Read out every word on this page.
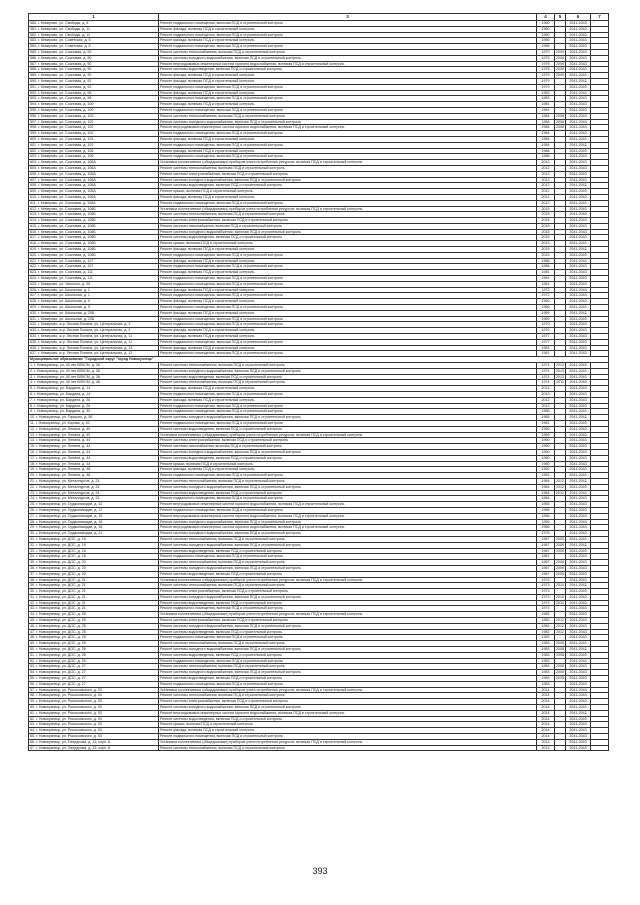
1		3	4	5	6	7
580. г. Кемерово, ул. Свободы, д. 8	Ремонт подвального помещения, включая ПСД и строительный контроль	1960		2041-2043	
581. г. Кемерово, ул. Свободы, д. 11	Ремонт фасада, включая ПСД и строительный контроль	1960		2041-2043	
582. г. Кемерово, ул. Свободы, д. 11	Ремонт подвального помещения, включая ПСД и строительный контроль	1960		2041-2043	
583. г. Кемерово, ул. Советская, д. 5	Ремонт фасада, включая ПСД и строительный контроль	1956		2041-2043	
584. г. Кемерово, ул. Советская, д. 5	Ремонт подвального помещения, включая ПСД и строительный контроль	1956		2041-2043	
585. г. Кемерово, ул. Сосновая, д. 90	Ремонт системы теплоснабжения, включая ПСД и строительный контроль	1979	2009	2041-2043	
586. г. Кемерово, ул. Сосновая, д. 90	Ремонт системы холодного водоснабжения, включая ПСД и строительный контроль	1979	2009	2041-2043	
587. г. Кемерово, ул. Сосновая, д. 90	Ремонт внутридомовых инженерных систем горячего водоснабжения, включая ПСД и строительный контроль	1979	2009	2041-2043	
588. г. Кемерово, ул. Сосновая, д. 90	Ремонт системы водоотведения, включая ПСД и строительный контроль	1979	2009	2041-2043	
589. г. Кемерово, ул. Сосновая, д. 90	Ремонт фасада, включая ПСД и строительный контроль	1979	2009	2041-2043	
590. г. Кемерово, ул. Сосновая, д. 92	Ремонт фасада, включая ПСД и строительный контроль	1979		2041-2043	
591. г. Кемерово, ул. Сосновая, д. 92	Ремонт подвального помещения, включая ПСД и строительный контроль	1979		2041-2043	
592. г. Кемерово, ул. Сосновая, д. 98	Ремонт фасада, включая ПСД и строительный контроль	1983		2041-2043	
593. г. Кемерово, ул. Сосновая, д. 98	Ремонт подвального помещения, включая ПСД и строительный контроль	1983		2041-2043	
594. г. Кемерово, ул. Сосновая, д. 100	Ремонт фасада, включая ПСД и строительный контроль	1981		2041-2043	
595. г. Кемерово, ул. Сосновая, д. 100	Ремонт подвального помещения, включая ПСД и строительный контроль	1981		2041-2043	
596. г. Кемерово, ул. Сосновая, д. 102	Ремонт системы теплоснабжения, включая ПСД и строительный контроль	1984	2008	2041-2043	
597. г. Кемерово, ул. Сосновая, д. 102	Ремонт системы холодного водоснабжения, включая ПСД и строительный контроль	1984	2008	2041-2043	
598. г. Кемерово, ул. Сосновая, д. 102	Ремонт внутридомовых инженерных систем горячего водоснабжения, включая ПСД и строительный контроль	1984	2008	2041-2043	
599. г. Кемерово, ул. Сосновая, д. 102	Ремонт подвального помещения, включая ПСД и строительный контроль	1984		2041-2043	
600. г. Кемерово, ул. Сосновая, д. 103	Ремонт фасада, включая ПСД и строительный контроль	1984		2041-2043	
601. г. Кемерово, ул. Сосновая, д. 103	Ремонт подвального помещения, включая ПСД и строительный контроль	1984		2041-2043	
602. г. Кемерово, ул. Сосновая, д. 106	Ремонт фасада, включая ПСД и строительный контроль	1986		2041-2043	
603. г. Кемерово, ул. Сосновая, д. 106	Ремонт подвального помещения, включая ПСД и строительный контроль	1986		2041-2043	
604. г. Кемерово, ул. Сосновая, д. 106А	Установка коллективных (общедомовых) приборов учета потребления ресурсов, включая ПСД и строительный контроль	2012		2041-2043	
605. г. Кемерово, ул. Сосновая, д. 106А	Ремонт системы теплоснабжения, включая ПСД и строительный контроль	2012		2041-2043	
606. г. Кемерово, ул. Сосновая, д. 106А	Ремонт системы электроснабжения, включая ПСД и строительный контроль	2012		2041-2043	
607. г. Кемерово, ул. Сосновая, д. 106А	Ремонт системы холодного водоснабжения, включая ПСД и строительный контроль	2012		2041-2043	
608. г. Кемерово, ул. Сосновая, д. 106А	Ремонт системы водоотведения, включая ПСД и строительный контроль	2012		2041-2043	
609. г. Кемерово, ул. Сосновая, д. 106А	Ремонт крыши, включая ПСД и строительный контроль	2012		2041-2043	
610. г. Кемерово, ул. Сосновая, д. 106А	Ремонт фасада, включая ПСД и строительный контроль	2012		2041-2043	
611. г. Кемерово, ул. Сосновая, д. 106А	Ремонт подвального помещения, включая ПСД и строительный контроль	2012		2041-2043	
612. г. Кемерово, ул. Сосновая, д. 106Б	Установка коллективных (общедомовых) приборов учета потребления ресурсов, включая ПСД и строительный контроль	2015		2041-2043	
613. г. Кемерово, ул. Сосновая, д. 106Б	Ремонт системы теплоснабжения, включая ПСД и строительный контроль	2015		2041-2043	
614. г. Кемерово, ул. Сосновая, д. 106Б	Ремонт системы электроснабжения, включая ПСД и строительный контроль	2015		2041-2043	
615. г. Кемерово, ул. Сосновая, д. 106Б	Ремонт системы газоснабжения, включая ПСД и строительный контроль	2015		2041-2043	
616. г. Кемерово, ул. Сосновая, д. 106Б	Ремонт системы холодного водоснабжения, включая ПСД и строительный контроль	2015		2041-2043	
617. г. Кемерово, ул. Сосновая, д. 106Б	Ремонт системы водоотведения, включая ПСД и строительный контроль	2015		2041-2043	
618. г. Кемерово, ул. Сосновая, д. 106Б	Ремонт крыши, включая ПСД и строительный контроль	2015		2041-2043	
619. г. Кемерово, ул. Сосновая, д. 106Б	Ремонт фасада, включая ПСД и строительный контроль	2015		2041-2043	
620. г. Кемерово, ул. Сосновая, д. 106Б	Ремонт подвального помещения, включая ПСД и строительный контроль	2015		2041-2043	
621. г. Кемерово, ул. Сосновая, д. 107	Ремонт фасада, включая ПСД и строительный контроль	1986		2041-2043	
622. г. Кемерово, ул. Сосновая, д. 107	Ремонт подвального помещения, включая ПСД и строительный контроль	1986		2041-2043	
623. г. Кемерово, ул. Сосновая, д. 111	Ремонт фасада, включая ПСД и строительный контроль	1981		2041-2043	
624. г. Кемерово, ул. Сосновая, д. 111	Ремонт подвального помещения, включая ПСД и строительный контроль	1981		2041-2043	
625. г. Кемерово, ул. Уинского, д. 39	Ремонт подвального помещения, включая ПСД и строительный контроль	1961		2041-2043	
626. г. Кемерово, ул. Школьная, д. 1	Ремонт фасада, включая ПСД и строительный контроль	1972		2041-2043	
627. г. Кемерово, ул. Школьная, д. 1	Ремонт подвального помещения, включая ПСД и строительный контроль	1972		2041-2043	
628. г. Кемерово, ул. Школьная, д. 5	Ремонт фасада, включая ПСД и строительный контроль	1969		2041-2043	
629. г. Кемерово, ул. Школьная, д. 5	Ремонт подвального помещения, включая ПСД и строительный контроль	1969		2041-2043	
630. г. Кемерово, ул. Школьная, д. 20Б	Ремонт фасада, включая ПСД и строительный контроль	1969		2041-2043	
631. г. Кемерово, ул. Школьная, д. 20Б	Ремонт подвального помещения, включая ПСД и строительный контроль	1969		2041-2043	
632. г. Кемерово, ж.р. Лесная Поляна, ул. Центральная, д. 3	Ремонт подвального помещения, включая ПСД и строительный контроль	1970		2041-2043	
633. г. Кемерово, ж.р. Лесная Поляна, ул. Центральная, д. 9	Ремонт фасада, включая ПСД и строительный контроль	1970		2041-2043	
634. г. Кемерово, ж.р. Лесная Поляна, ул. Центральная, д. 11	Ремонт фасада, включая ПСД и строительный контроль	1977		2041-2043	
635. г. Кемерово, ж.р. Лесная Поляна, ул. Центральная, д. 11	Ремонт подвального помещения, включая ПСД и строительный контроль	1977		2041-2043	
636. г. Кемерово, ж.р. Лесная Поляна, ул. Центральная, д. 13	Ремонт фасада, включая ПСД и строительный контроль	1981		2041-2043	
637. г. Кемерово, ж.р. Лесная Поляна, ул. Центральная, д. 13	Ремонт подвального помещения, включая ПСД и строительный контроль	1981		2041-2043	
Муниципальное образование "Городской округ "город Новокузнецк"					
1. г. Новокузнецк, ул. 40 лет ВЛКСМ, д. 36	Ремонт системы теплоснабжения, включая ПСД и строительный контроль	1974	2013	2041-2043	
2. г. Новокузнецк, ул. 40 лет ВЛКСМ, д. 36	Ремонт системы холодного водоснабжения, включая ПСД и строительный контроль	1974	2013	2041-2043	
3. г. Новокузнецк, ул. 40 лет ВЛКСМ, д. 36	Ремонт системы водоотведения, включая ПСД и строительный контроль	1974	2013	2041-2043	
4. г. Новокузнецк, ул. 40 лет ВЛКСМ, д. 46	Ремонт системы теплоснабжения, включая ПСД и строительный контроль	1974	2011	2041-2043	
5. г. Новокузнецк, ул. Бардина, д. 14	Ремонт фасада, включая ПСД и строительный контроль	2013		2041-2043	
6. г. Новокузнецк, ул. Бардина, д. 14	Ремонт подвального помещения, включая ПСД и строительный контроль	2013		2041-2043	
7. г. Новокузнецк, ул. Бардина, д. 26	Ремонт фасада, включая ПСД и строительный контроль	2012		2041-2043	
8. г. Новокузнецк, ул. Бардина, д. 26	Ремонт подвального помещения, включая ПСД и строительный контроль	2012		2041-2043	
9. г. Новокузнецк, ул. Бардина, д. 30	Ремонт подвального помещения, включая ПСД и строительный контроль	1985		2041-2043	
10. г. Новокузнецк, ул. Горького, д. 56	Ремонт системы холодного водоснабжения, включая ПСД и строительный контроль	1965		2041-2043	
11. г. Новокузнецк, ул. Кирова, д. 62	Ремонт подвального помещения, включая ПСД и строительный контроль	1961		2041-2043	
12. г. Новокузнецк, ул. Ленина, д. 40	Ремонт системы водоотведения, включая ПСД и строительный контроль	1959		2041-2043	
13. г. Новокузнецк, ул. Ленина, д. 40	Установка коллективных (общедомовых) приборов учета потребления ресурсов, включая ПСД и строительный контроль	1959		2041-2043	
14. г. Новокузнецк, ул. Ленина, д. 44	Ремонт системы электроснабжения, включая ПСД и строительный контроль	1960		2041-2043	
15. г. Новокузнецк, ул. Ленина, д. 44	Ремонт системы газоснабжения, включая ПСД и строительный контроль	1960		2041-2043	
16. г. Новокузнецк, ул. Ленина, д. 44	Ремонт системы холодного водоснабжения, включая ПСД и строительный контроль	1960		2041-2043	
17. г. Новокузнецк, ул. Ленина, д. 44	Ремонт системы водоотведения, включая ПСД и строительный контроль	1960		2041-2043	
18. г. Новокузнецк, ул. Ленина, д. 44	Ремонт крыши, включая ПСД и строительный контроль	1960		2041-2043	
19. г. Новокузнецк, ул. Ленина, д. 48	Ремонт фасада, включая ПСД и строительный контроль	1962		2041-2043	
20. г. Новокузнецк, ул. Ленина, д. 48	Ремонт подвального помещения, включая ПСД и строительный контроль	1962		2041-2043	
21. г. Новокузнецк, ул. Металлургов, д. 24	Ремонт системы теплоснабжения, включая ПСД и строительный контроль	1964	2012	2041-2043	
22. г. Новокузнецк, ул. Металлургов, д. 24	Ремонт системы холодного водоснабжения, включая ПСД и строительный контроль	1964	2012	2041-2043	
23. г. Новокузнецк, ул. Металлургов, д. 24	Ремонт системы водоотведения, включая ПСД и строительный контроль	1964	2012	2041-2043	
24. г. Новокузнецк, ул. Металлургов, д. 24	Ремонт подвального помещения, включая ПСД и строительный контроль	1964		2041-2043	
25. г. Новокузнецк, ул. Орджоникидзе, д. 12	Ремонт внутридомовых инженерных систем горячего водоснабжения, включая ПСД и строительный контроль	1955		2041-2043	
26. г. Новокузнецк, ул. Орджоникидзе, д. 12	Ремонт подвального помещения, включая ПСД и строительный контроль	1955		2041-2043	
27. г. Новокузнецк, ул. Орджоникидзе, д. 16	Ремонт внутридомовых инженерных систем горячего водоснабжения, включая ПСД и строительный контроль	1956		2041-2043	
28. г. Новокузнецк, ул. Орджоникидзе, д. 16	Ремонт системы холодного водоснабжения, включая ПСД и строительный контроль	1956		2041-2043	
29. г. Новокузнецк, ул. Орджоникидзе, д. 16	Ремонт внутридомовых инженерных систем горячего водоснабжения, включая ПСД и строительный контроль	1956		2041-2043	
30. г. Новокузнецк, ул. Орджоникидзе, д. 21	Ремонт системы холодного водоснабжения, включая ПСД и строительный контроль	1976		2041-2043	
31. г. Новокузнецк, ул. ДОС, д. 16	Ремонт системы теплоснабжения, включая ПСД и строительный контроль	1967	2009	2041-2043	
32. г. Новокузнецк, ул. ДОС, д. 16	Ремонт системы холодного водоснабжения, включая ПСД и строительный контроль	1967	2009	2041-2043	
33. г. Новокузнецк, ул. ДОС, д. 16	Ремонт системы водоотведения, включая ПСД и строительный контроль	1967	2009	2041-2043	
34. г. Новокузнецк, ул. ДОС, д. 16	Ремонт подвального помещения, включая ПСД и строительный контроль	1967		2041-2043	
35. г. Новокузнецк, ул. ДОС, д. 20	Ремонт системы теплоснабжения, включая ПСД и строительный контроль	1967	2009	2041-2043	
36. г. Новокузнецк, ул. ДОС, д. 20	Ремонт системы холодного водоснабжения, включая ПСД и строительный контроль	1967	2009	2041-2043	
37. г. Новокузнецк, ул. ДОС, д. 20	Ремонт системы водоотведения, включая ПСД и строительный контроль	1967	2009	2041-2043	
38. г. Новокузнецк, ул. ДОС, д. 21	Установка коллективных (общедомовых) приборов учета потребления ресурсов, включая ПСД и строительный контроль	1973		2041-2043	
39. г. Новокузнецк, ул. ДОС, д. 21	Ремонт системы теплоснабжения, включая ПСД и строительный контроль	1973	2010	2041-2043	
40. г. Новокузнецк, ул. ДОС, д. 21	Ремонт системы электроснабжения, включая ПСД и строительный контроль	1973		2041-2043	
41. г. Новокузнецк, ул. ДОС, д. 21	Ремонт системы холодного водоснабжения, включая ПСД и строительный контроль	1973	2010	2041-2043	
42. г. Новокузнецк, ул. ДОС, д. 21	Ремонт системы водоотведения, включая ПСД и строительный контроль	1973	2010	2041-2043	
43. г. Новокузнецк, ул. ДОС, д. 21	Ремонт подвального помещения, включая ПСД и строительный контроль	1973		2041-2043	
44. г. Новокузнецк, ул. ДОС, д. 25	Установка коллективных (общедомовых) приборов учета потребления ресурсов, включая ПСД и строительный контроль	1982		2041-2043	
45. г. Новокузнецк, ул. ДОС, д. 25	Ремонт системы электроснабжения, включая ПСД и строительный контроль	1982	2012	2041-2043	
46. г. Новокузнецк, ул. ДОС, д. 25	Ремонт системы холодного водоснабжения, включая ПСД и строительный контроль	1982	2012	2041-2043	
47. г. Новокузнецк, ул. ДОС, д. 25	Ремонт системы водоотведения, включая ПСД и строительный контроль	1982	2012	2041-2043	
48. г. Новокузнецк, ул. ДОС, д. 25	Ремонт подвального помещения, включая ПСД и строительный контроль	1982		2041-2043	
49. г. Новокузнецк, ул. ДОС, д. 26	Ремонт системы теплоснабжения, включая ПСД и строительный контроль	1983	2005	2041-2043	
50. г. Новокузнецк, ул. ДОС, д. 26	Ремонт системы холодного водоснабжения, включая ПСД и строительный контроль	1983	2005	2041-2043	
51. г. Новокузнецк, ул. ДОС, д. 26	Ремонт системы водоотведения, включая ПСД и строительный контроль	1983	2005	2041-2043	
52. г. Новокузнецк, ул. ДОС, д. 26	Ремонт подвального помещения, включая ПСД и строительный контроль	1983		2041-2043	
53. г. Новокузнецк, ул. ДОС, д. 27	Ремонт системы теплоснабжения, включая ПСД и строительный контроль	1983	2005	2041-2043	
54. г. Новокузнецк, ул. ДОС, д. 27	Ремонт системы холодного водоснабжения, включая ПСД и строительный контроль	1983	2005	2041-2043	
55. г. Новокузнецк, ул. ДОС, д. 27	Ремонт системы водоотведения, включая ПСД и строительный контроль	1983	2005	2041-2043	
56. г. Новокузнецк, ул. ДОС, д. 27	Ремонт подвального помещения, включая ПСД и строительный контроль	1983		2041-2043	
57. г. Новокузнецк, ул. Рокоссовского, д. 53	Установка коллективных (общедомовых) приборов учета потребления ресурсов, включая ПСД и строительный контроль	2014		2041-2043	
58. г. Новокузнецк, ул. Рокоссовского, д. 53	Ремонт системы теплоснабжения, включая ПСД и строительный контроль	2014		2041-2043	
59. г. Новокузнецк, ул. Рокоссовского, д. 53	Ремонт системы электроснабжения, включая ПСД и строительный контроль	2014		2041-2043	
60. г. Новокузнецк, ул. Рокоссовского, д. 53	Ремонт системы холодного водоснабжения, включая ПСД и строительный контроль	2014		2041-2043	
61. г. Новокузнецк, ул. Рокоссовского, д. 53	Ремонт внутридомовых инженерных систем горячего водоснабжения, включая ПСД и строительный контроль	2014		2041-2043	
62. г. Новокузнецк, ул. Рокоссовского, д. 53	Ремонт системы водоотведения, включая ПСД и строительный контроль	2014		2041-2043	
63. г. Новокузнецк, ул. Рокоссовского, д. 53	Ремонт крыши, включая ПСД и строительный контроль	2014		2041-2043	
64. г. Новокузнецк, ул. Рокоссовского, д. 53	Ремонт фасада, включая ПСД и строительный контроль	2014		2041-2043	
65. г. Новокузнецк, ул. Рокоссовского, д. 53	Ремонт подвального помещения, включая ПСД и строительный контроль	2014		2041-2043	
66. г. Новокузнецк, ул. Свердлова, д. 15, корп. А	Установка коллективных (общедомовых) приборов учета потребления ресурсов, включая ПСД и строительный контроль	2013		2041-2043	
67. г. Новокузнецк, ул. Свердлова, д. 15, корп. А	Ремонт системы теплоснабжения, включая ПСД и строительный контроль	2013		2041-2043	
393
